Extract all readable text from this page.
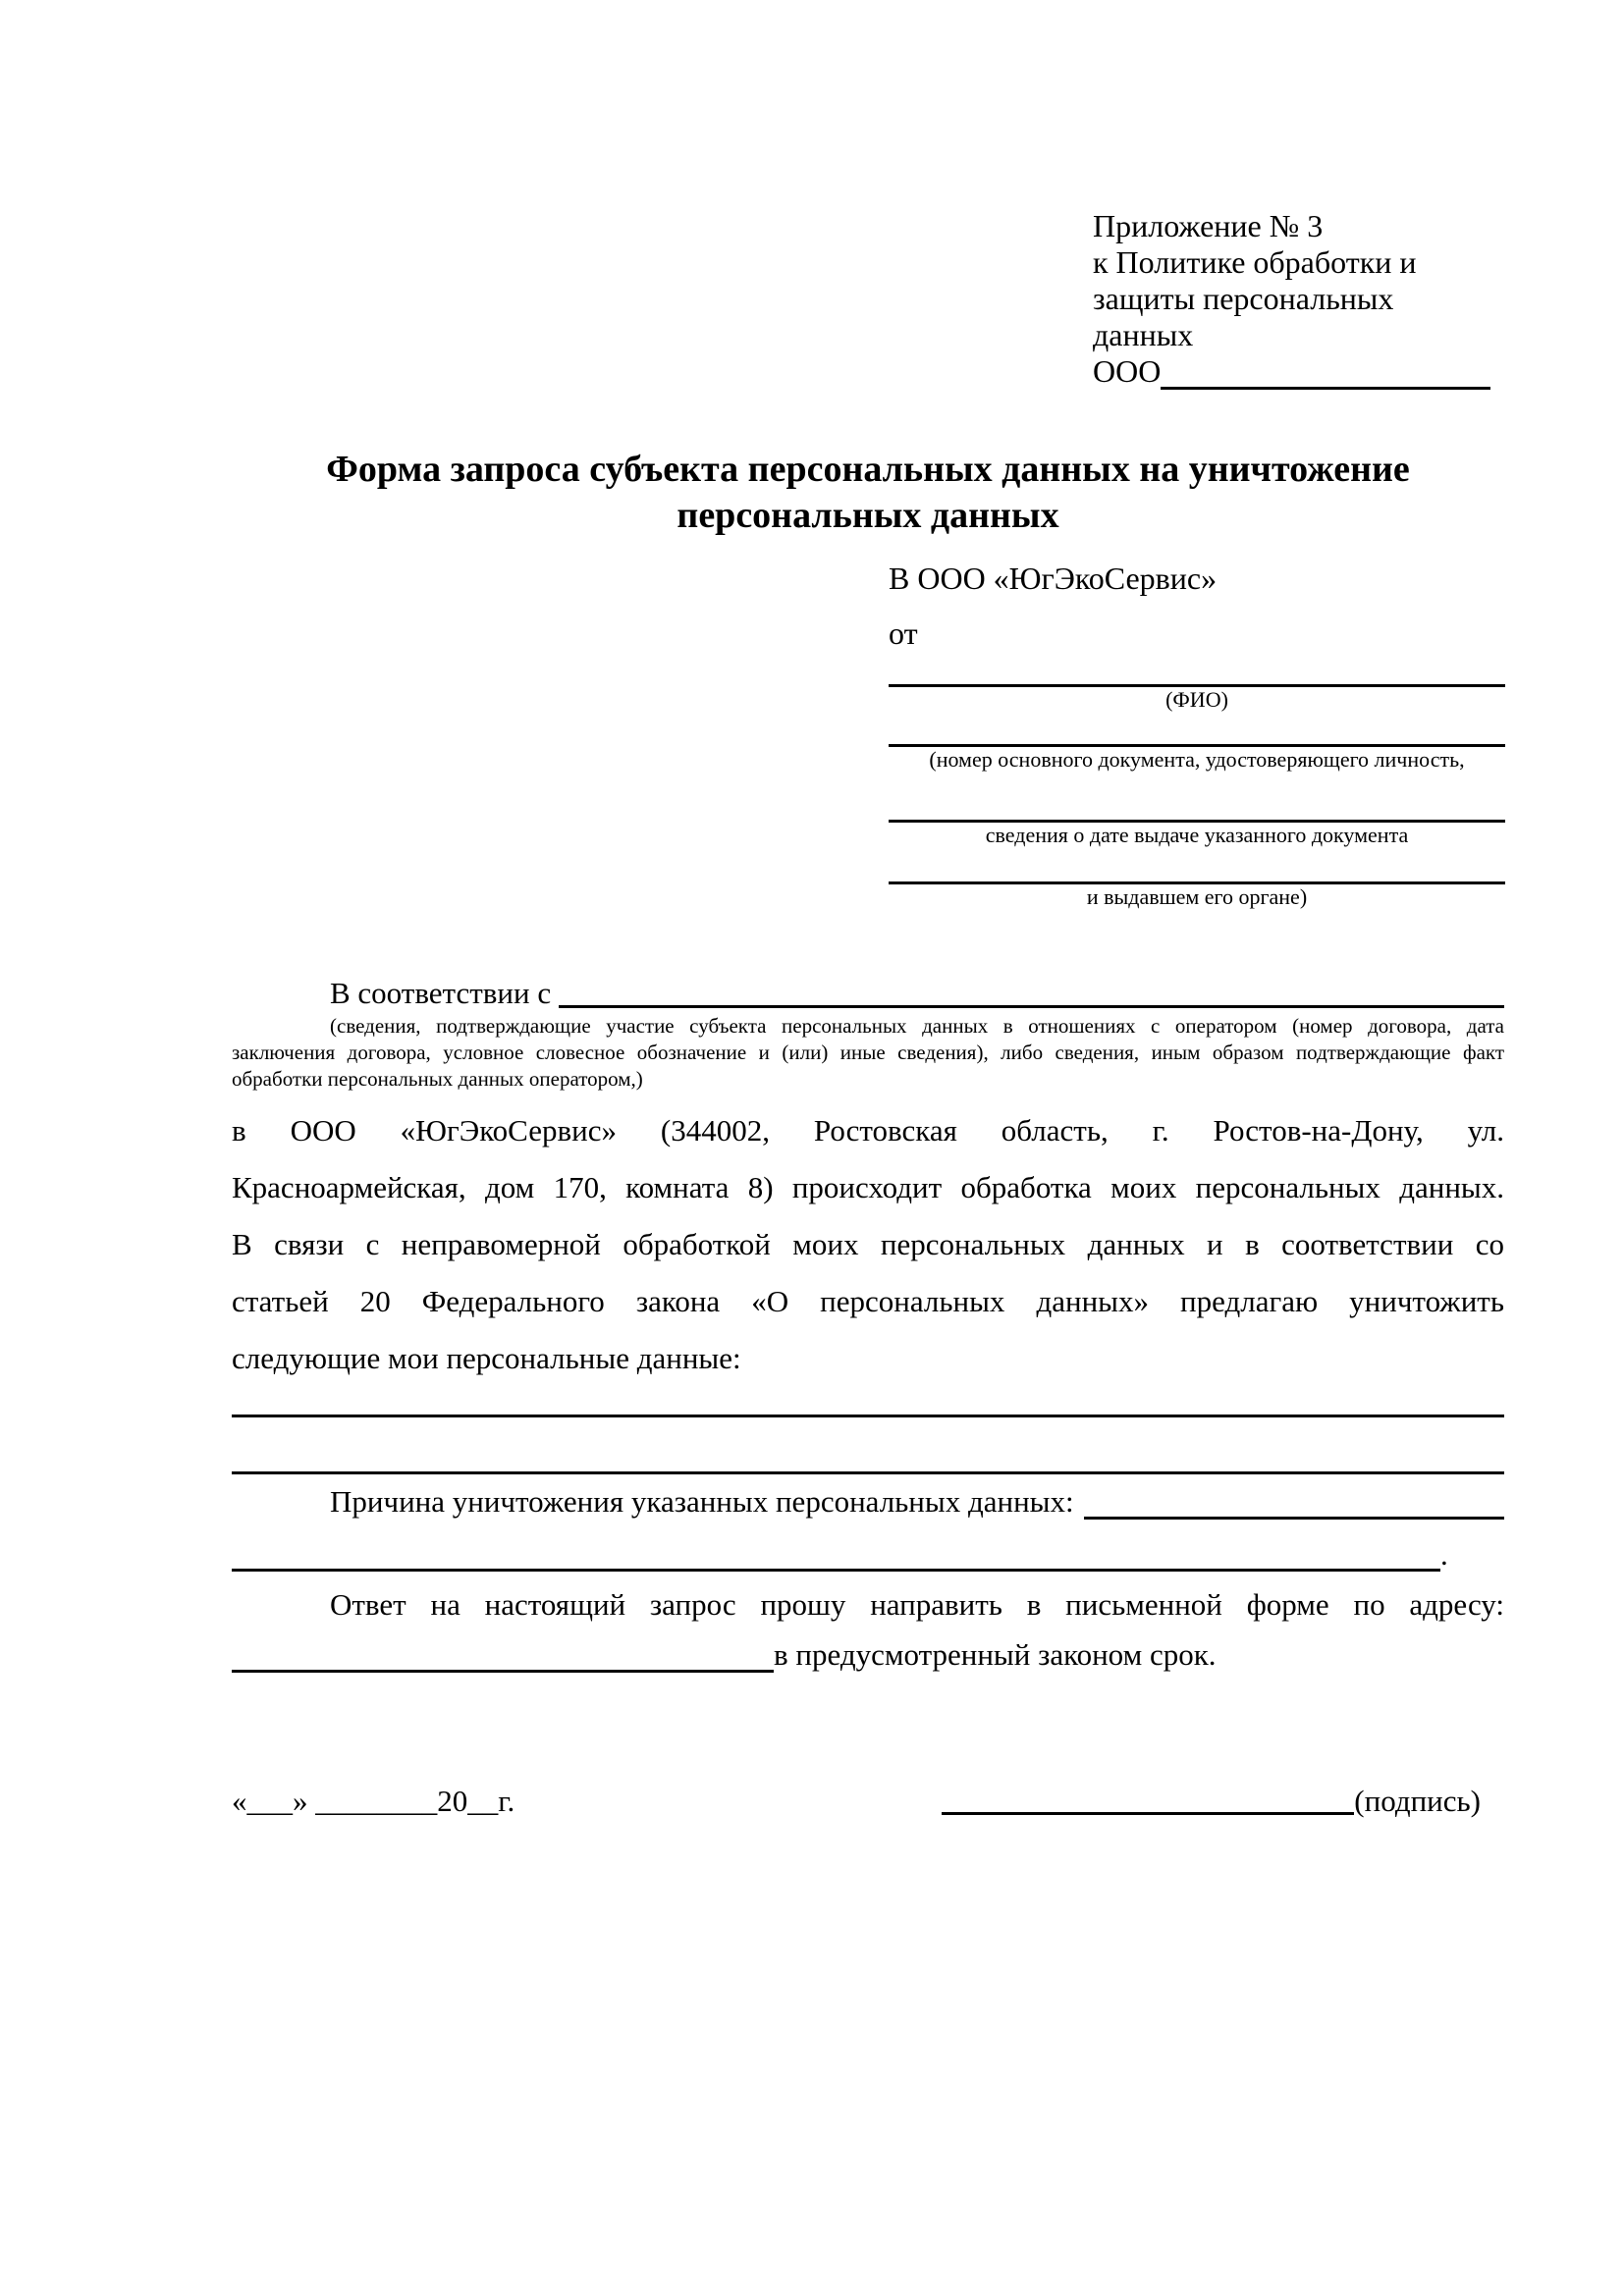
Приложение № 3
к Политике обработки и
защиты персональных данных
ООО
Форма запроса субъекта персональных данных на уничтожение персональных данных
В ООО «ЮгЭкоСервис»
от
(ФИО)
(номер основного документа, удостоверяющего личность,
сведения о дате выдаче указанного документа
и выдавшем его органе)
В соответствии с
(сведения, подтверждающие участие субъекта персональных данных в отношениях с оператором (номер договора, дата
заключения договора, условное словесное обозначение и (или) иные сведения), либо сведения, иным образом подтверждающие факт
обработки персональных данных оператором,)
в ООО «ЮгЭкоСервис» (344002, Ростовская область, г. Ростов-на-Дону, ул.
Красноармейская, дом 170, комната 8) происходит обработка моих персональных данных.
В связи с неправомерной обработкой моих персональных данных и в соответствии со
статьей 20 Федерального закона «О персональных данных» предлагаю уничтожить
следующие мои персональные данные:
Причина уничтожения указанных персональных данных:
.
Ответ на настоящий запрос прошу направить в письменной форме по адресу:
в предусмотренный законом срок.
«___» ________20__г.	(подпись)
